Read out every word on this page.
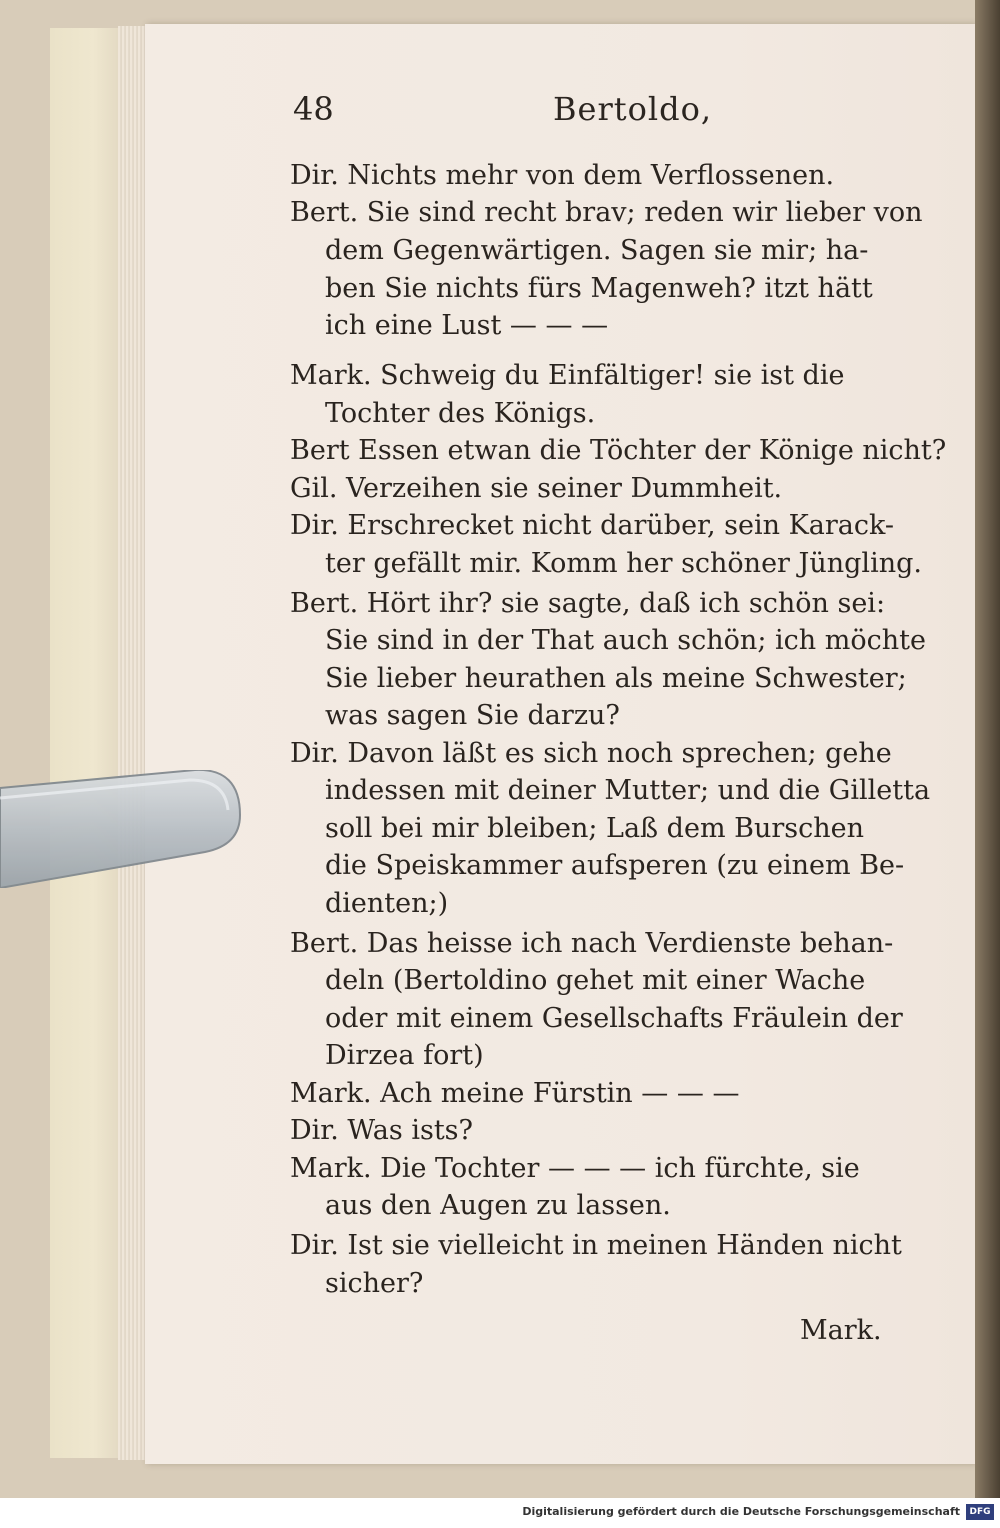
48	Bertoldo,
Dir. Nichts mehr von dem Verflossenen.
Bert. Sie sind recht brav; reden wir lieber von
dem Gegenwärtigen. Sagen sie mir; ha-
ben Sie nichts fürs Magenweh? itzt hätt
ich eine Lust — — —
Mark. Schweig du Einfältiger! sie ist die
Tochter des Königs.
Bert Essen etwan die Töchter der Könige nicht?
Gil. Verzeihen sie seiner Dummheit.
Dir. Erschrecket nicht darüber, sein Karack-
ter gefällt mir. Komm her schöner Jüngling.
Bert. Hört ihr? sie sagte, daß ich schön sei:
Sie sind in der That auch schön; ich möchte
Sie lieber heurathen als meine Schwester;
was sagen Sie darzu?
Dir. Davon läßt es sich noch sprechen; gehe
indessen mit deiner Mutter; und die Gilletta
soll bei mir bleiben; Laß dem Burschen
die Speiskammer aufsperen (zu einem Be-
dienten;)
Bert. Das heisse ich nach Verdienste behan-
deln (Bertoldino gehet mit einer Wache
oder mit einem Gesellschafts Fräulein der
Dirzea fort)
Mark. Ach meine Fürstin — — —
Dir. Was ists?
Mark. Die Tochter — — — ich fürchte, sie
aus den Augen zu lassen.
Dir. Ist sie vielleicht in meinen Händen nicht
sicher?
Mark.
Digitalisierung gefördert durch die Deutsche Forschungsgemeinschaft	DFG
